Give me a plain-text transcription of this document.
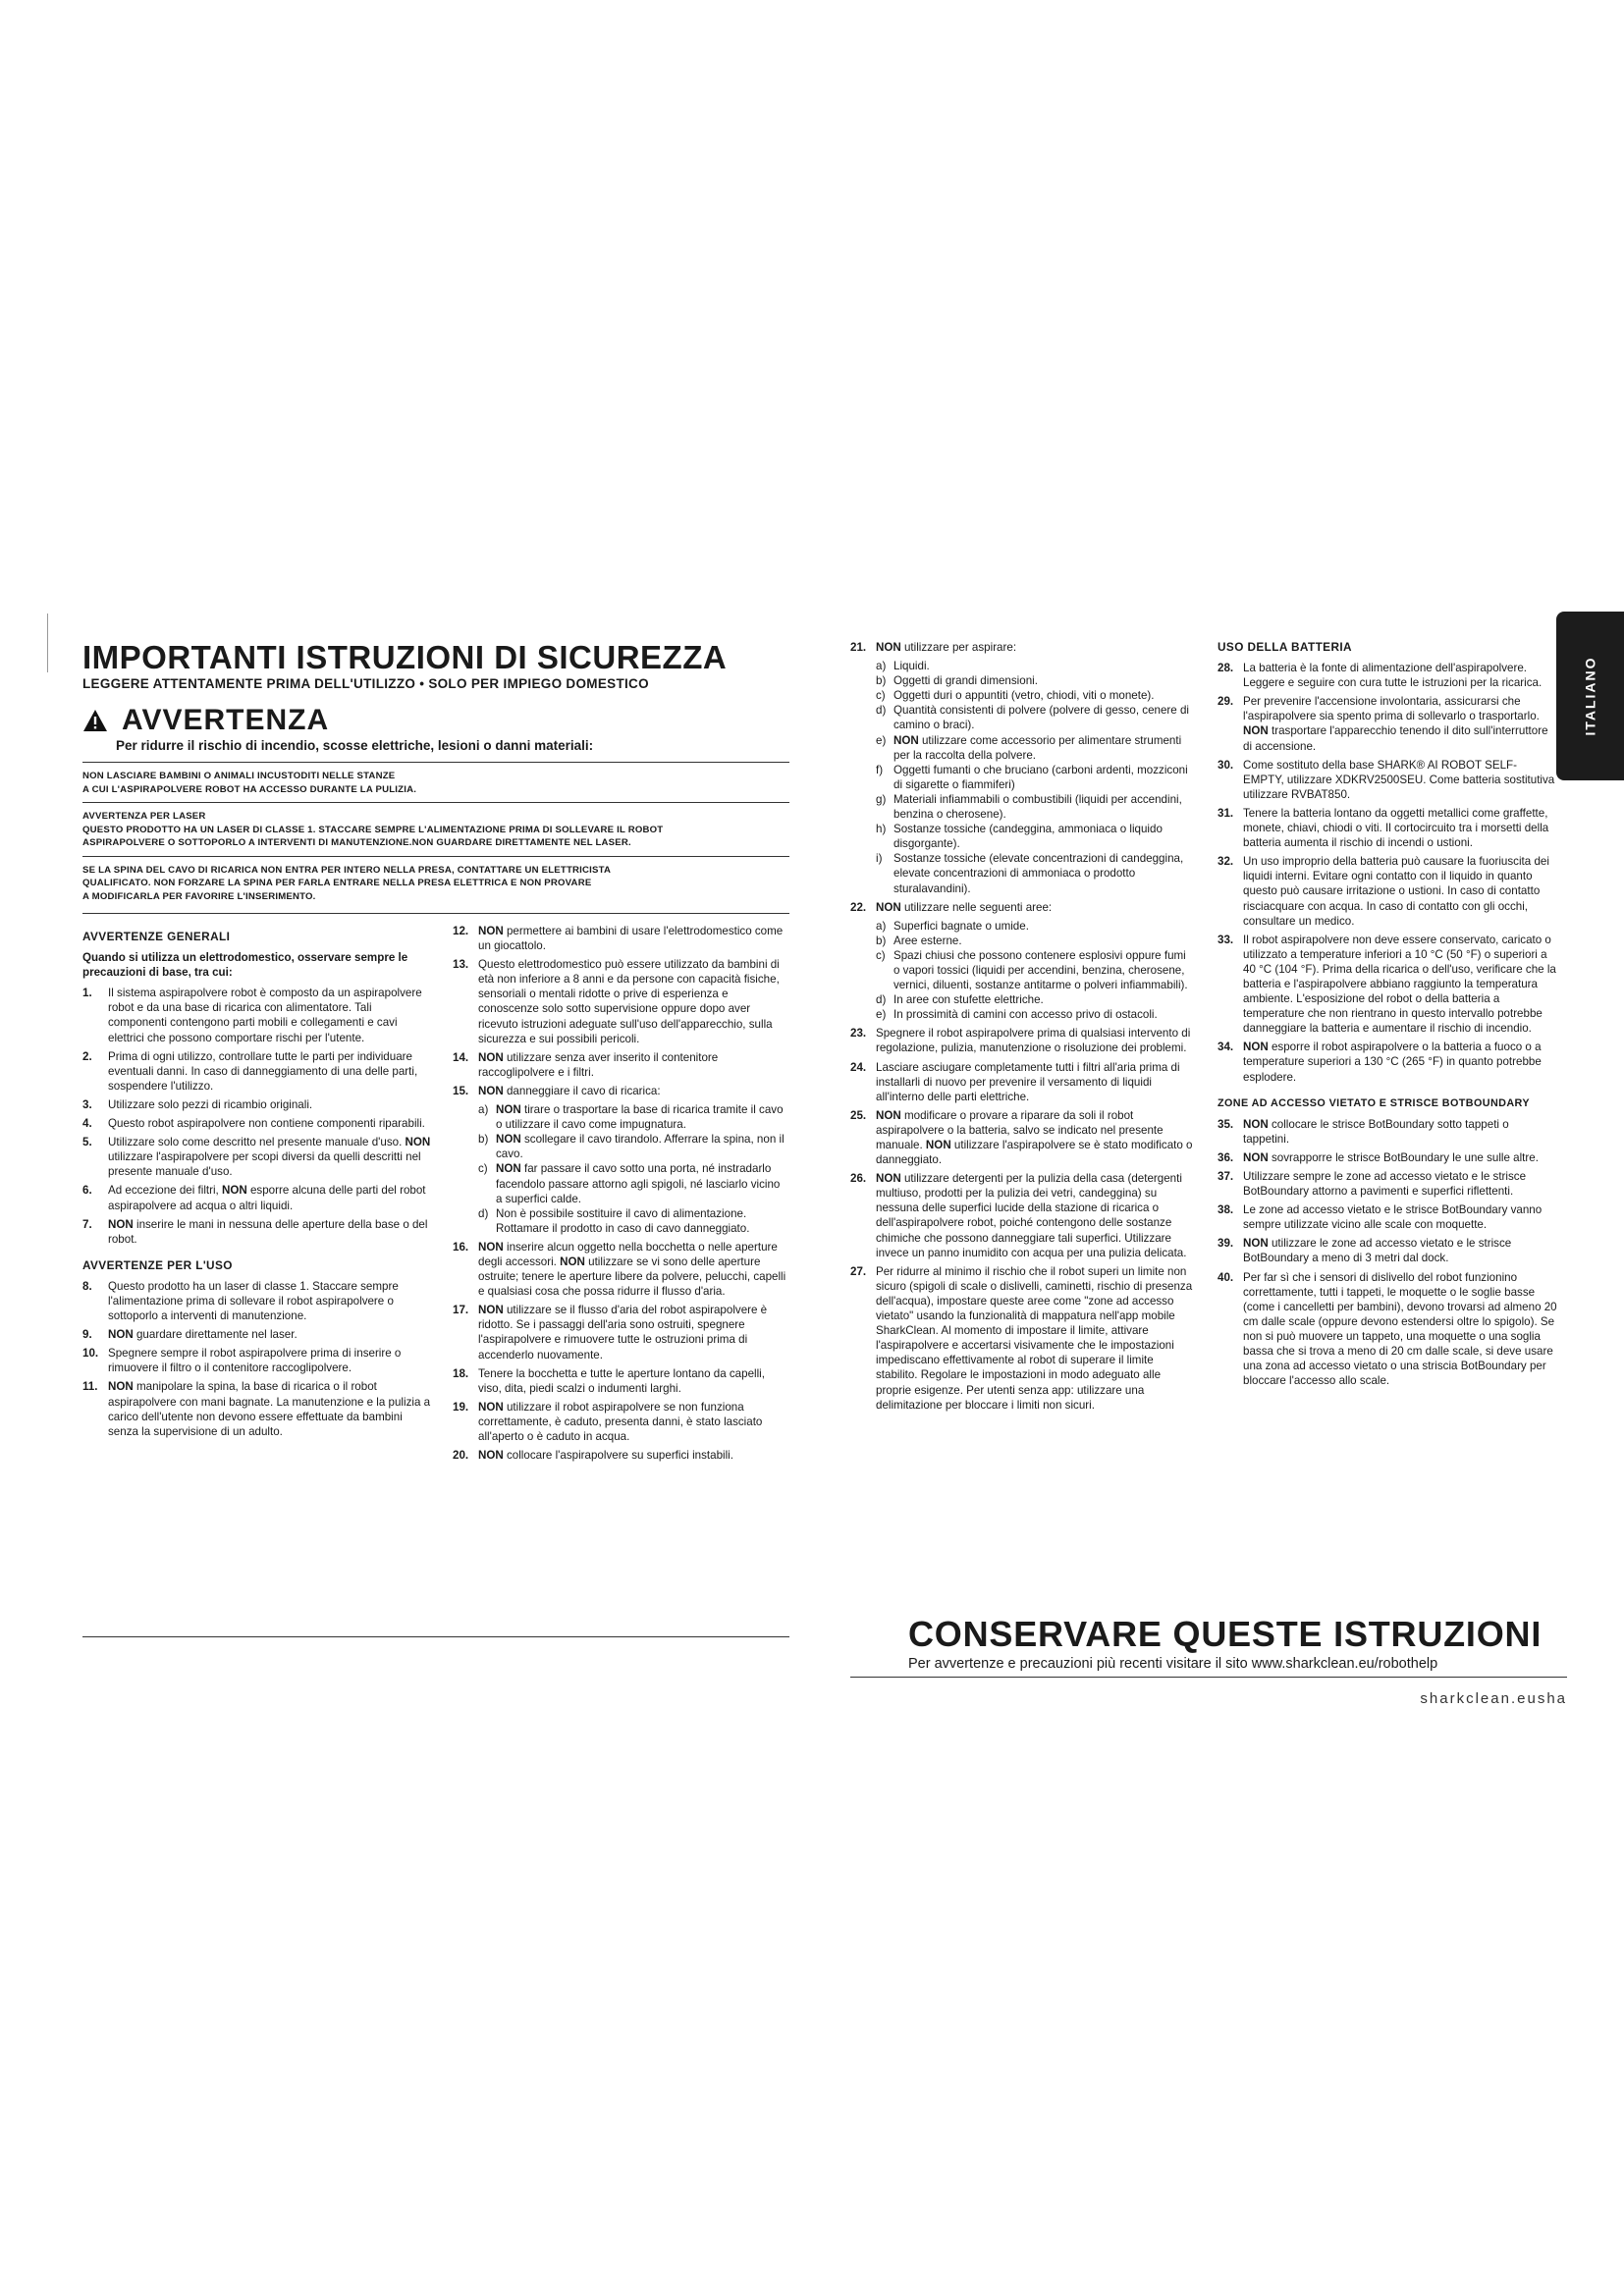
ITALIANO
IMPORTANTI ISTRUZIONI DI SICUREZZA
LEGGERE ATTENTAMENTE PRIMA DELL'UTILIZZO • SOLO PER IMPIEGO DOMESTICO
AVVERTENZA
Per ridurre il rischio di incendio, scosse elettriche, lesioni o danni materiali:
NON LASCIARE BAMBINI O ANIMALI INCUSTODITI NELLE STANZE
A CUI L'ASPIRAPOLVERE ROBOT HA ACCESSO DURANTE LA PULIZIA.
AVVERTENZA PER LASER
QUESTO PRODOTTO HA UN LASER DI CLASSE 1. STACCARE SEMPRE L'ALIMENTAZIONE PRIMA DI SOLLEVARE IL ROBOT
ASPIRAPOLVERE O SOTTOPORLO A INTERVENTI DI MANUTENZIONE.NON GUARDARE DIRETTAMENTE NEL LASER.
SE LA SPINA DEL CAVO DI RICARICA NON ENTRA PER INTERO NELLA PRESA, CONTATTARE UN ELETTRICISTA
QUALIFICATO. NON FORZARE LA SPINA PER FARLA ENTRARE NELLA PRESA ELETTRICA E NON PROVARE
A MODIFICARLA PER FAVORIRE L'INSERIMENTO.
AVVERTENZE GENERALI
Quando si utilizza un elettrodomestico, osservare sempre le precauzioni di base, tra cui:
1.	Il sistema aspirapolvere robot è composto da un aspirapolvere robot e da una base di ricarica con alimentatore. Tali componenti contengono parti mobili e collegamenti e cavi elettrici che possono comportare rischi per l'utente.
2.	Prima di ogni utilizzo, controllare tutte le parti per individuare eventuali danni. In caso di danneggiamento di una delle parti, sospendere l'utilizzo.
3.	Utilizzare solo pezzi di ricambio originali.
4.	Questo robot aspirapolvere non contiene componenti riparabili.
5.	Utilizzare solo come descritto nel presente manuale d'uso. NON utilizzare l'aspirapolvere per scopi diversi da quelli descritti nel presente manuale d'uso.
6.	Ad eccezione dei filtri, NON esporre alcuna delle parti del robot aspirapolvere ad acqua o altri liquidi.
7.	NON inserire le mani in nessuna delle aperture della base o del robot.
AVVERTENZE PER L'USO
8.	Questo prodotto ha un laser di classe 1. Staccare sempre l'alimentazione prima di sollevare il robot aspirapolvere o sottoporlo a interventi di manutenzione.
9.	NON guardare direttamente nel laser.
10. Spegnere sempre il robot aspirapolvere prima di inserire o rimuovere il filtro o il contenitore raccoglipolvere.
11. NON manipolare la spina, la base di ricarica o il robot aspirapolvere con mani bagnate. La manutenzione e la pulizia a carico dell'utente non devono essere effettuate da bambini senza la supervisione di un adulto.
12. NON permettere ai bambini di usare l'elettrodomestico come un giocattolo.
13. Questo elettrodomestico può essere utilizzato da bambini di età non inferiore a 8 anni e da persone con capacità fisiche, sensoriali o mentali ridotte o prive di esperienza e conoscenze solo sotto supervisione oppure dopo aver ricevuto istruzioni adeguate sull'uso dell'apparecchio, sulla sicurezza e sui possibili pericoli.
14. NON utilizzare senza aver inserito il contenitore raccoglipolvere e i filtri.
15. NON danneggiare il cavo di ricarica:
a) NON tirare o trasportare la base di ricarica tramite il cavo o utilizzare il cavo come impugnatura.
b) NON scollegare il cavo tirandolo. Afferrare la spina, non il cavo.
c) NON far passare il cavo sotto una porta, né instradarlo facendolo passare attorno agli spigoli, né lasciarlo vicino a superfici calde.
d) Non è possibile sostituire il cavo di alimentazione. Rottamare il prodotto in caso di cavo danneggiato.
16. NON inserire alcun oggetto nella bocchetta o nelle aperture degli accessori. NON utilizzare se vi sono delle aperture ostruite; tenere le aperture libere da polvere, pelucchi, capelli e qualsiasi cosa che possa ridurre il flusso d'aria.
17. NON utilizzare se il flusso d'aria del robot aspirapolvere è ridotto. Se i passaggi dell'aria sono ostruiti, spegnere l'aspirapolvere e rimuovere tutte le ostruzioni prima di accenderlo nuovamente.
18. Tenere la bocchetta e tutte le aperture lontano da capelli, viso, dita, piedi scalzi o indumenti larghi.
19. NON utilizzare il robot aspirapolvere se non funziona correttamente, è caduto, presenta danni, è stato lasciato all'aperto o è caduto in acqua.
20. NON collocare l'aspirapolvere su superfici instabili.
21. NON utilizzare per aspirare:
a) Liquidi.
b) Oggetti di grandi dimensioni.
c) Oggetti duri o appuntiti (vetro, chiodi, viti o monete).
d) Quantità consistenti di polvere (polvere di gesso, cenere di camino o braci).
e) NON utilizzare come accessorio per alimentare strumenti per la raccolta della polvere.
f) Oggetti fumanti o che bruciano (carboni ardenti, mozziconi di sigarette o fiammiferi)
g) Materiali infiammabili o combustibili (liquidi per accendini, benzina o cherosene).
h) Sostanze tossiche (candeggina, ammoniaca o liquido disgorgante).
i) Sostanze tossiche (elevate concentrazioni di candeggina, elevate concentrazioni di ammoniaca o prodotto sturalavandini).
22. NON utilizzare nelle seguenti aree:
a) Superfici bagnate o umide.
b) Aree esterne.
c) Spazi chiusi che possono contenere esplosivi oppure fumi o vapori tossici (liquidi per accendini, benzina, cherosene, vernici, diluenti, sostanze antitarme o polveri infiammabili).
d) In aree con stufette elettriche.
e) In prossimità di camini con accesso privo di ostacoli.
23. Spegnere il robot aspirapolvere prima di qualsiasi intervento di regolazione, pulizia, manutenzione o risoluzione dei problemi.
24. Lasciare asciugare completamente tutti i filtri all'aria prima di installarli di nuovo per prevenire il versamento di liquidi all'interno delle parti elettriche.
25. NON modificare o provare a riparare da soli il robot aspirapolvere o la batteria, salvo se indicato nel presente manuale. NON utilizzare l'aspirapolvere se è stato modificato o danneggiato.
26. NON utilizzare detergenti per la pulizia della casa (detergenti multiuso, prodotti per la pulizia dei vetri, candeggina) su nessuna delle superfici lucide della stazione di ricarica o dell'aspirapolvere robot, poiché contengono delle sostanze chimiche che possono danneggiare tali superfici. Utilizzare invece un panno inumidito con acqua per una pulizia delicata.
27. Per ridurre al minimo il rischio che il robot superi un limite non sicuro (spigoli di scale o dislivelli, caminetti, rischio di presenza dell'acqua), impostare queste aree come "zone ad accesso vietato" usando la funzionalità di mappatura nell'app mobile SharkClean. Al momento di impostare il limite, attivare l'aspirapolvere e accertarsi visivamente che le impostazioni impediscano effettivamente al robot di superare il limite stabilito. Regolare le impostazioni in modo adeguato alle proprie esigenze. Per utenti senza app: utilizzare una delimitazione per bloccare i limiti non sicuri.
USO DELLA BATTERIA
28. La batteria è la fonte di alimentazione dell'aspirapolvere. Leggere e seguire con cura tutte le istruzioni per la ricarica.
29. Per prevenire l'accensione involontaria, assicurarsi che l'aspirapolvere sia spento prima di sollevarlo o trasportarlo. NON trasportare l'apparecchio tenendo il dito sull'interruttore di accensione.
30. Come sostituto della base SHARK® AI ROBOT SELF-EMPTY, utilizzare XDKRV2500SEU. Come batteria sostitutiva utilizzare RVBAT850.
31. Tenere la batteria lontano da oggetti metallici come graffette, monete, chiavi, chiodi o viti. Il cortocircuito tra i morsetti della batteria aumenta il rischio di incendi o ustioni.
32. Un uso improprio della batteria può causare la fuoriuscita dei liquidi interni. Evitare ogni contatto con il liquido in quanto questo può causare irritazione o ustioni. In caso di contatto risciacquare con acqua. In caso di contatto con gli occhi, consultare un medico.
33. Il robot aspirapolvere non deve essere conservato, caricato o utilizzato a temperature inferiori a 10 °C (50 °F) o superiori a 40 °C (104 °F). Prima della ricarica o dell'uso, verificare che la batteria e l'aspirapolvere abbiano raggiunto la temperatura ambiente. L'esposizione del robot o della batteria a temperature che non rientrano in questo intervallo potrebbe danneggiare la batteria e aumentare il rischio di incendio.
34. NON esporre il robot aspirapolvere o la batteria a fuoco o a temperature superiori a 130 °C (265 °F) in quanto potrebbe esplodere.
ZONE AD ACCESSO VIETATO E STRISCE BOTBOUNDARY
35. NON collocare le strisce BotBoundary sotto tappeti o tappetini.
36. NON sovrapporre le strisce BotBoundary le une sulle altre.
37. Utilizzare sempre le zone ad accesso vietato e le strisce BotBoundary attorno a pavimenti e superfici riflettenti.
38. Le zone ad accesso vietato e le strisce BotBoundary vanno sempre utilizzate vicino alle scale con moquette.
39. NON utilizzare le zone ad accesso vietato e le strisce BotBoundary a meno di 3 metri dal dock.
40. Per far sì che i sensori di dislivello del robot funzionino correttamente, tutti i tappeti, le moquette o le soglie basse (come i cancelletti per bambini), devono trovarsi ad almeno 20 cm dalle scale (oppure devono estendersi oltre lo spigolo). Se non si può muovere un tappeto, una moquette o una soglia bassa che si trova a meno di 20 cm dalle scale, si deve usare una zona ad accesso vietato o una striscia BotBoundary per bloccare l'accesso allo scale.
CONSERVARE QUESTE ISTRUZIONI
Per avvertenze e precauzioni più recenti visitare il sito www.sharkclean.eu/robothelp
sharkclean.eusha
